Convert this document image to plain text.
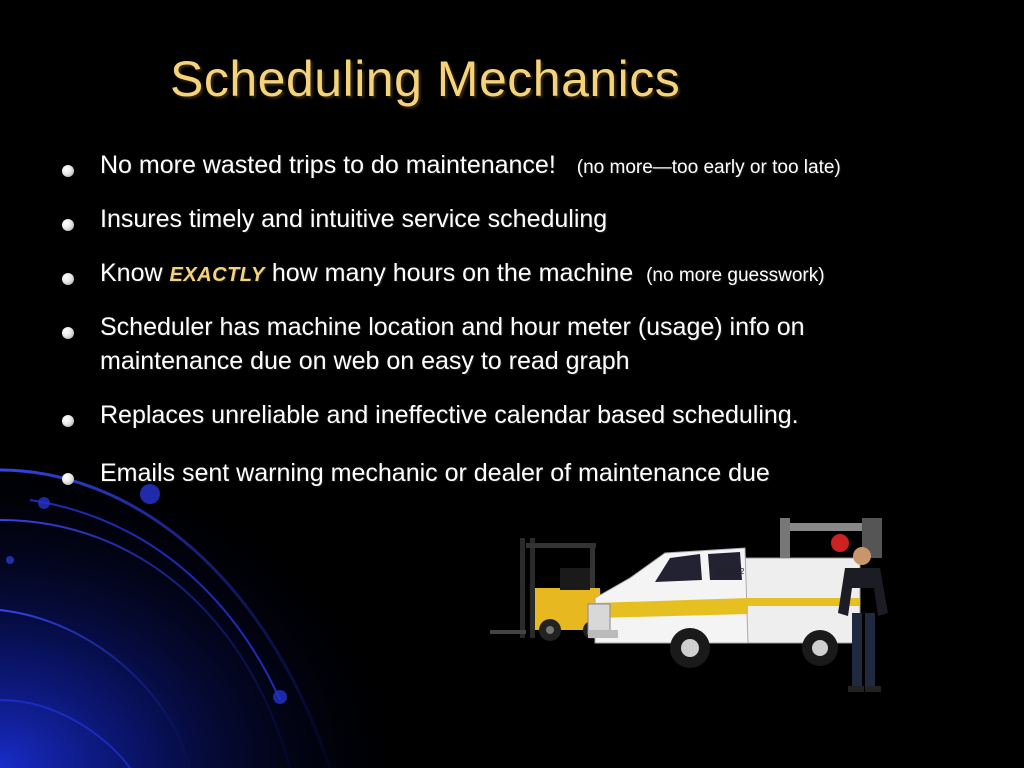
Scheduling Mechanics
No more wasted trips to do maintenance! (no more—too early or too late)
Insures timely and intuitive service scheduling
Know EXACTLY how many hours on the machine (no more guesswork)
Scheduler has machine location and hour meter (usage) info on
maintenance due on web on easy to read graph
Replaces unreliable and ineffective calendar based scheduling.
Emails sent warning mechanic or dealer of maintenance due
99-1312
